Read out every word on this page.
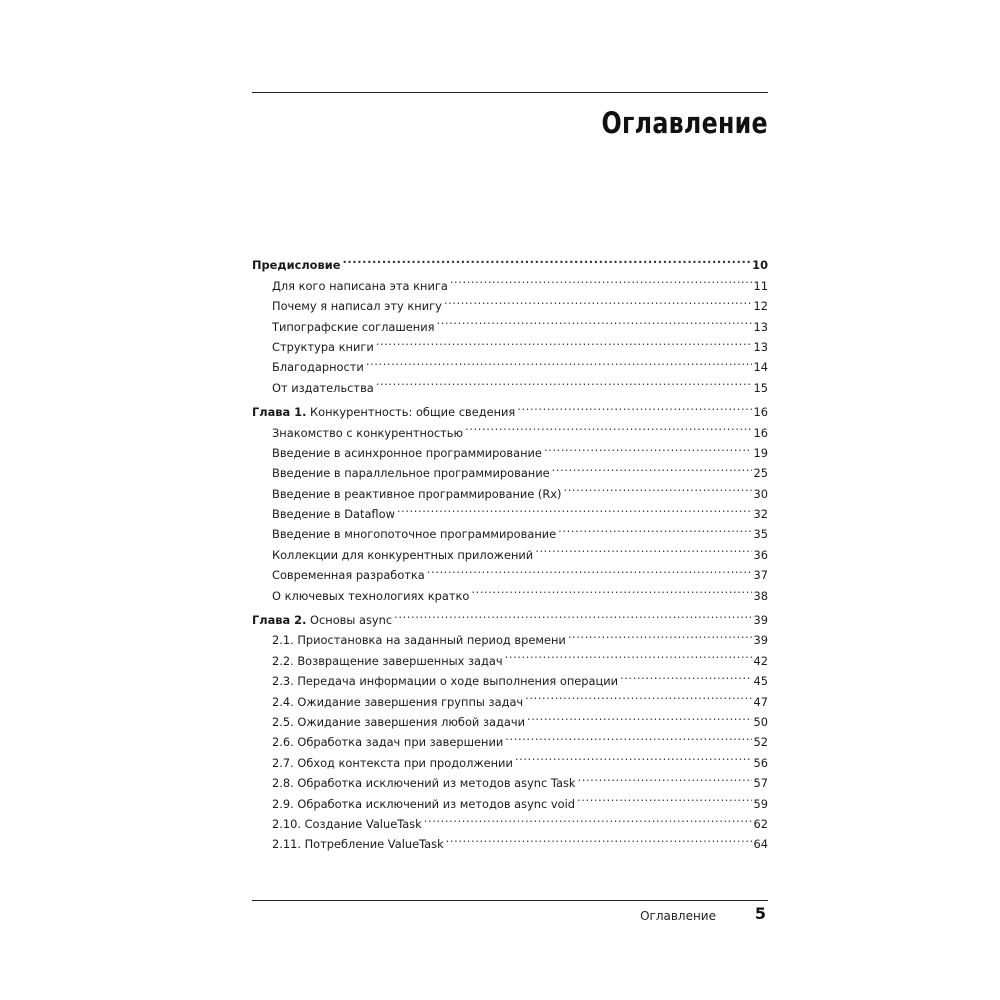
Оглавление
Предисловие .....	10
Для кого написана эта книга .....	11
Почему я написал эту книгу .....	12
Типографские соглашения .....	13
Структура книги .....	13
Благодарности .....	14
От издательства .....	15
Глава 1. Конкурентность: общие сведения .....	16
Знакомство с конкурентностью .....	16
Введение в асинхронное программирование .....	19
Введение в параллельное программирование .....	25
Введение в реактивное программирование (Rx) .....	30
Введение в Dataflow .....	32
Введение в многопоточное программирование .....	35
Коллекции для конкурентных приложений .....	36
Современная разработка .....	37
О ключевых технологиях кратко .....	38
Глава 2. Основы async .....	39
2.1. Приостановка на заданный период времени .....	39
2.2. Возвращение завершенных задач .....	42
2.3. Передача информации о ходе выполнения операции .....	45
2.4. Ожидание завершения группы задач .....	47
2.5. Ожидание завершения любой задачи .....	50
2.6. Обработка задач при завершении .....	52
2.7. Обход контекста при продолжении .....	56
2.8. Обработка исключений из методов async Task .....	57
2.9. Обработка исключений из методов async void .....	59
2.10. Создание ValueTask .....	62
2.11. Потребление ValueTask .....	64
Оглавление 5
